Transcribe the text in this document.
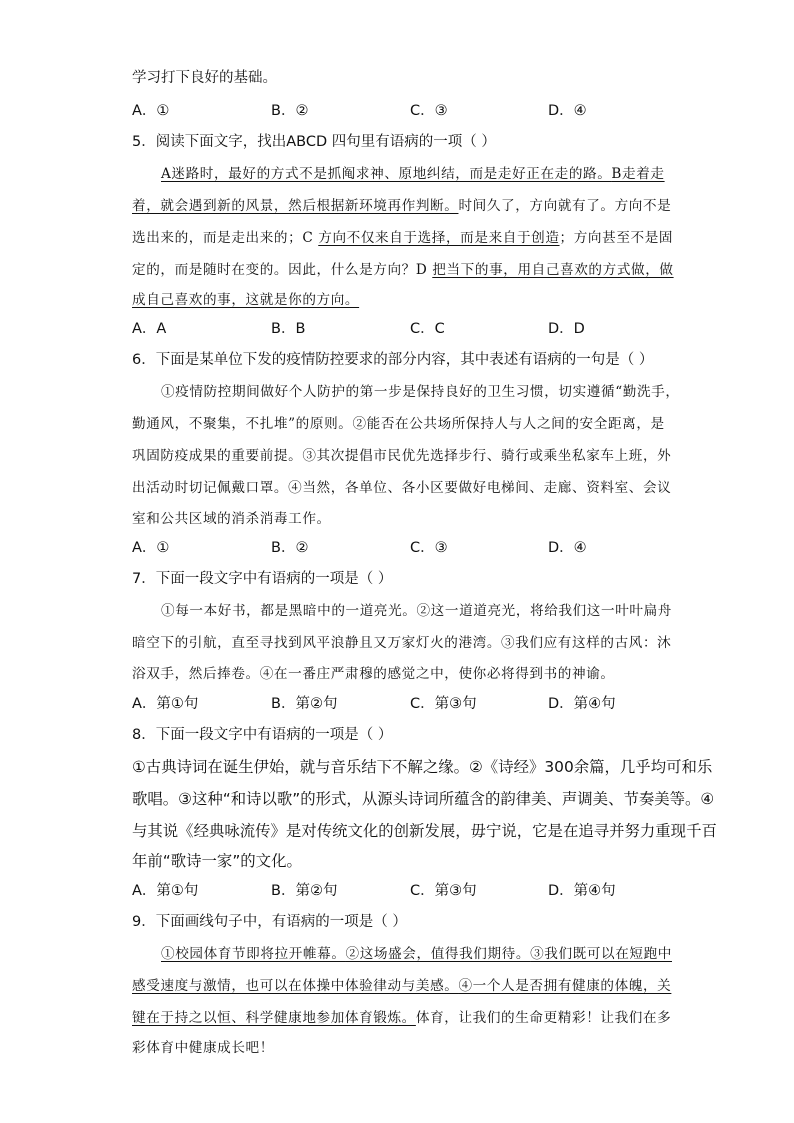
学习打下良好的基础。
A．①	B．②	C．③	D．④
5．阅读下面文字，找出ABCD 四句里有语病的一项（ ）
A迷路时，最好的方式不是抓阄求神、原地纠结，而是走好正在走的路。B走着走
着，就会遇到新的风景，然后根据新环境再作判断。时间久了，方向就有了。方向不是
选出来的，而是走出来的；C 方向不仅来自于选择，而是来自于创造；方向甚至不是固
定的，而是随时在变的。因此，什么是方向？D 把当下的事，用自己喜欢的方式做，做
成自己喜欢的事，这就是你的方向。
A．A	B．B	C．C	D．D
6．下面是某单位下发的疫情防控要求的部分内容，其中表述有语病的一句是（ ）
①疫情防控期间做好个人防护的第一步是保持良好的卫生习惯，切实遵循“勤洗手，
勤通风，不聚集，不扎堆”的原则。②能否在公共场所保持人与人之间的安全距离，是
巩固防疫成果的重要前提。③其次提倡市民优先选择步行、骑行或乘坐私家车上班，外
出活动时切记佩戴口罩。④当然，各单位、各小区要做好电梯间、走廊、资料室、会议
室和公共区域的消杀消毒工作。
A．①	B．②	C．③	D．④
7．下面一段文字中有语病的一项是（ ）
①每一本好书，都是黑暗中的一道亮光。②这一道道亮光，将给我们这一叶叶扁舟
暗空下的引航，直至寻找到风平浪静且又万家灯火的港湾。③我们应有这样的古风：沐
浴双手，然后捧卷。④在一番庄严肃穆的感觉之中，使你必将得到书的神谕。
A．第①句	B．第②句	C．第③句	D．第④句
8．下面一段文字中有语病的一项是（ ）
①古典诗词在诞生伊始，就与音乐结下不解之缘。②《诗经》300余篇，几乎均可和乐
歌唱。③这种“和诗以歌”的形式，从源头诗词所蕴含的韵律美、声调美、节奏美等。④
与其说《经典咏流传》是对传统文化的创新发展，毋宁说，它是在追寻并努力重现千百
年前“歌诗一家”的文化。
A．第①句	B．第②句	C．第③句	D．第④句
9．下面画线句子中，有语病的一项是（ ）
①校园体育节即将拉开帷幕。②这场盛会，值得我们期待。③我们既可以在短跑中
感受速度与激情，也可以在体操中体验律动与美感。④一个人是否拥有健康的体魄，关
键在于持之以恒、科学健康地参加体育锻炼。体育，让我们的生命更精彩！让我们在多
彩体育中健康成长吧！
